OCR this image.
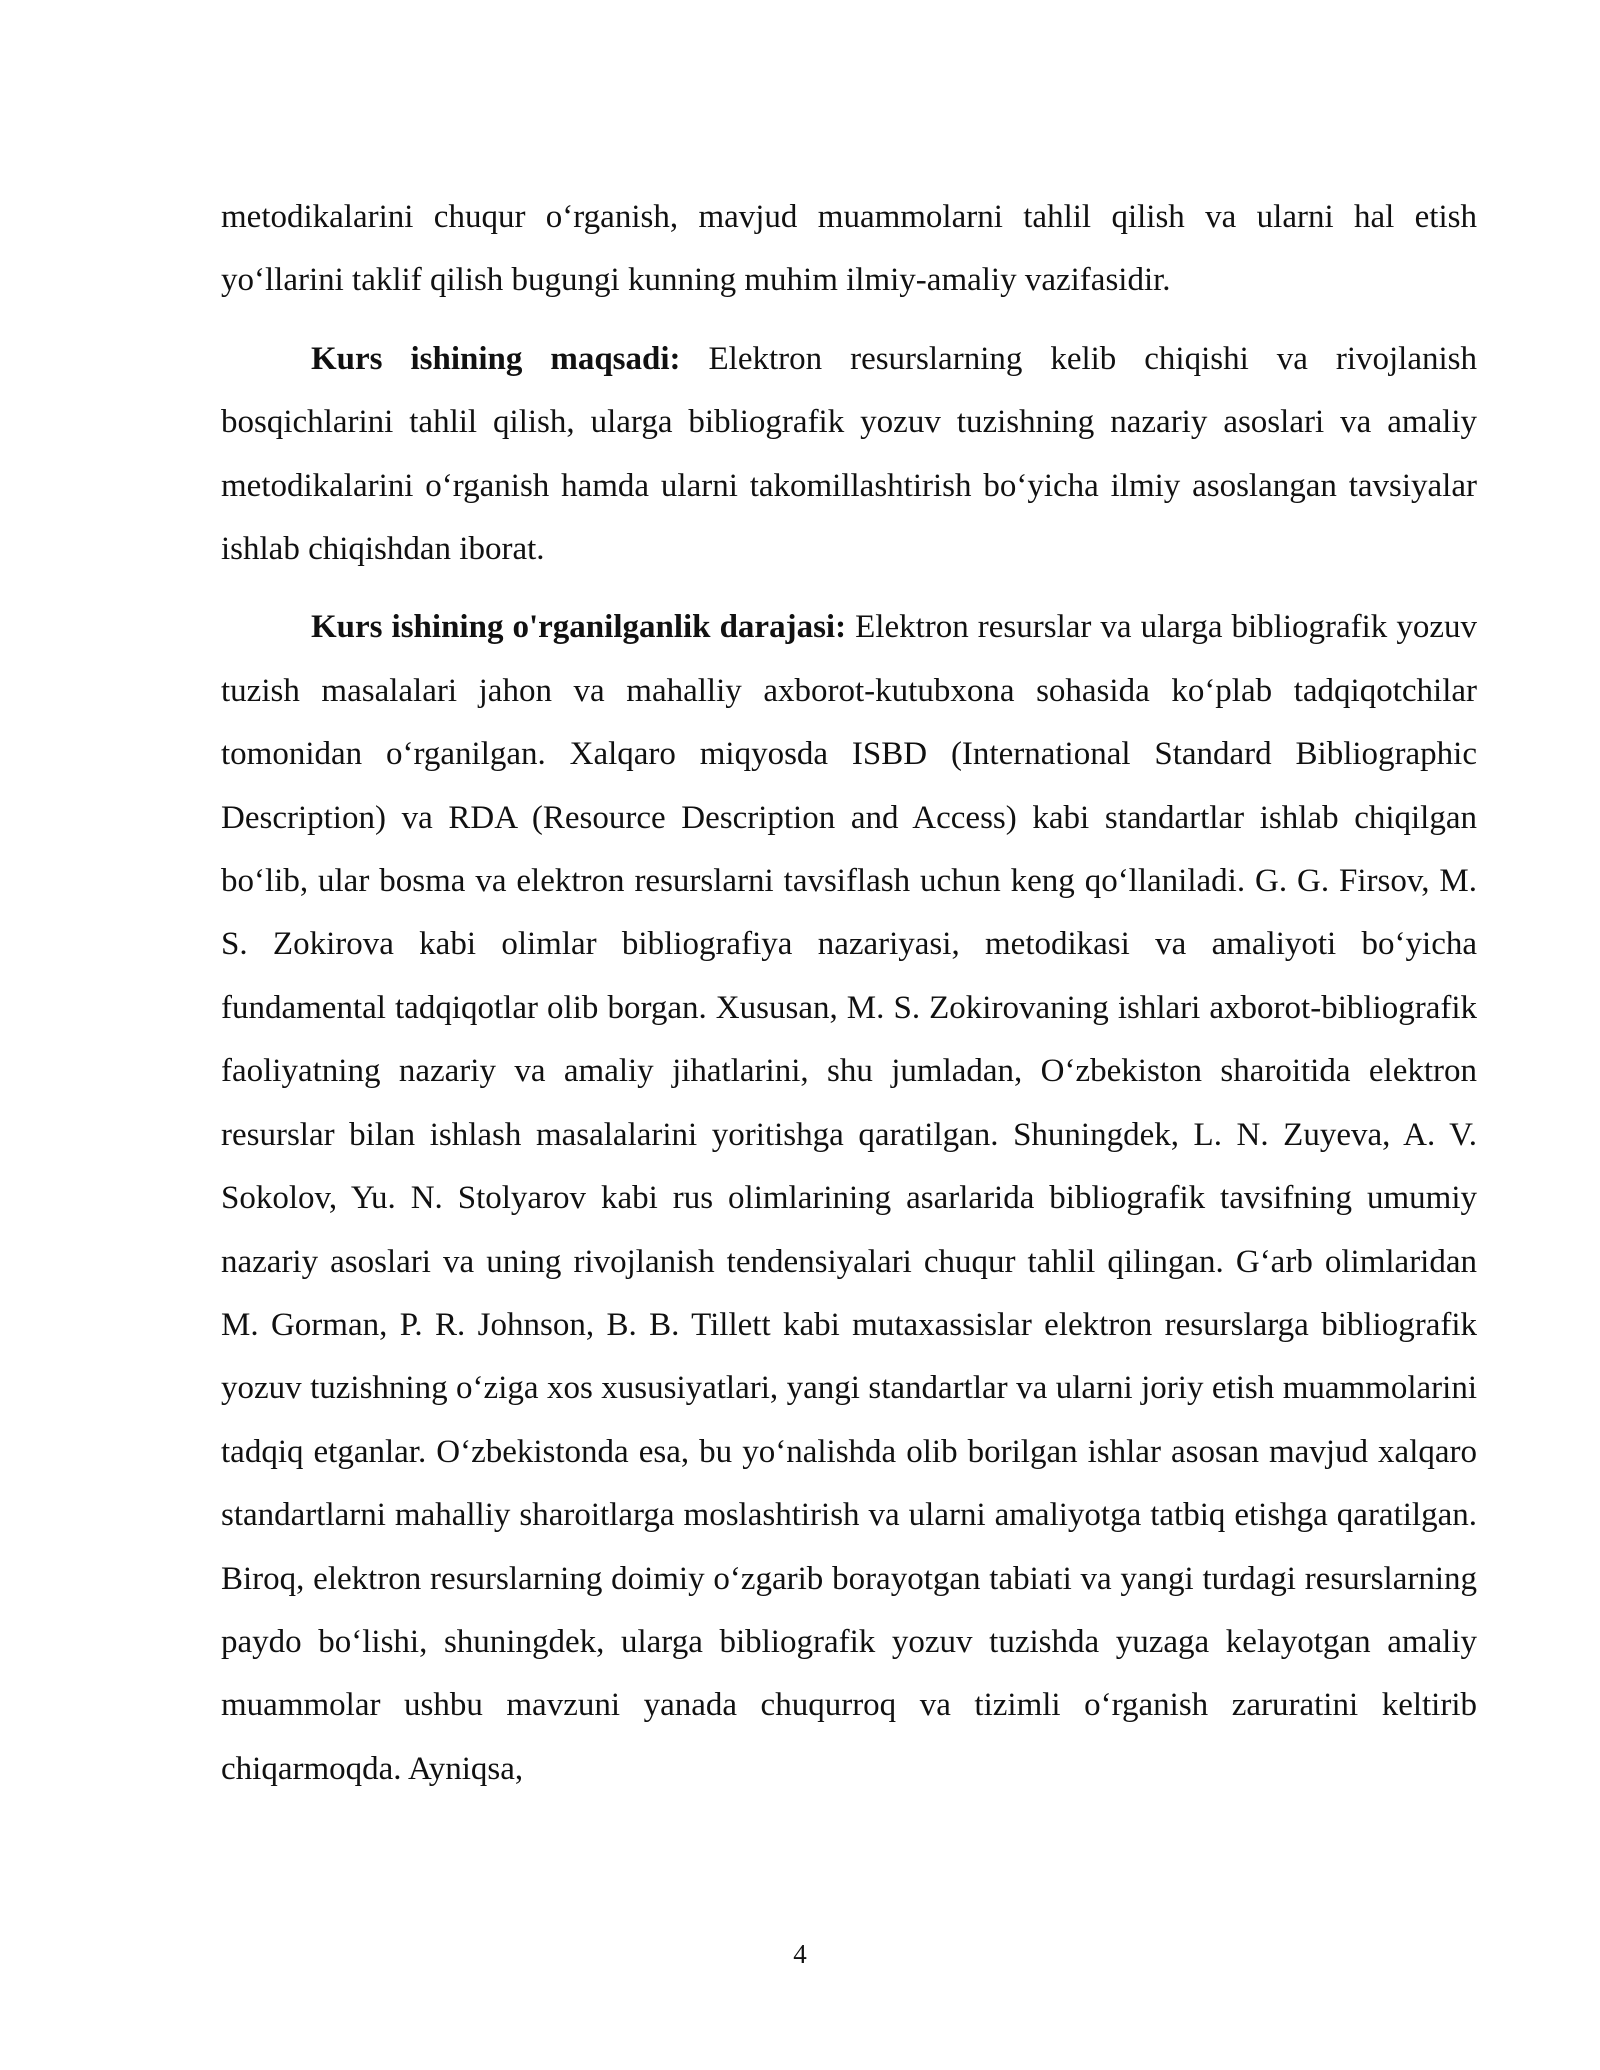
metodikalarini chuqur o‘rganish, mavjud muammolarni tahlil qilish va ularni hal etish yo‘llarini taklif qilish bugungi kunning muhim ilmiy-amaliy vazifasidir.

Kurs ishining maqsadi: Elektron resurslarning kelib chiqishi va rivojlanish bosqichlarini tahlil qilish, ularga bibliografik yozuv tuzishning nazariy asoslari va amaliy metodikalarini o‘rganish hamda ularni takomillashtirish bo‘yicha ilmiy asoslangan tavsiyalar ishlab chiqishdan iborat.

Kurs ishining o'rganilganlik darajasi: Elektron resurslar va ularga bibliografik yozuv tuzish masalalari jahon va mahalliy axborot-kutubxona sohasida ko‘plab tadqiqotchilar tomonidan o‘rganilgan. Xalqaro miqyosda ISBD (International Standard Bibliographic Description) va RDA (Resource Description and Access) kabi standartlar ishlab chiqilgan bo‘lib, ular bosma va elektron resurslarni tavsiflash uchun keng qo‘llaniladi. G. G. Firsov, M. S. Zokirova kabi olimlar bibliografiya nazariyasi, metodikasi va amaliyoti bo‘yicha fundamental tadqiqotlar olib borgan. Xususan, M. S. Zokirovaning ishlari axborot-bibliografik faoliyatning nazariy va amaliy jihatlarini, shu jumladan, O‘zbekiston sharoitida elektron resurslar bilan ishlash masalalarini yoritishga qaratilgan. Shuningdek, L. N. Zuyeva, A. V. Sokolov, Yu. N. Stolyarov kabi rus olimlarining asarlarida bibliografik tavsifning umumiy nazariy asoslari va uning rivojlanish tendensiyalari chuqur tahlil qilingan. G‘arb olimlaridan M. Gorman, P. R. Johnson, B. B. Tillett kabi mutaxassislar elektron resurslarga bibliografik yozuv tuzishning o‘ziga xos xususiyatlari, yangi standartlar va ularni joriy etish muammolarini tadqiq etganlar. O‘zbekistonda esa, bu yo‘nalishda olib borilgan ishlar asosan mavjud xalqaro standartlarni mahalliy sharoitlarga moslashtirish va ularni amaliyotga tatbiq etishga qaratilgan. Biroq, elektron resurslarning doimiy o‘zgarib borayotgan tabiati va yangi turdagi resurslarning paydo bo‘lishi, shuningdek, ularga bibliografik yozuv tuzishda yuzaga kelayotgan amaliy muammolar ushbu mavzuni yanada chuqurroq va tizimli o‘rganish zaruratini keltirib chiqarmoqda. Ayniqsa,

4
